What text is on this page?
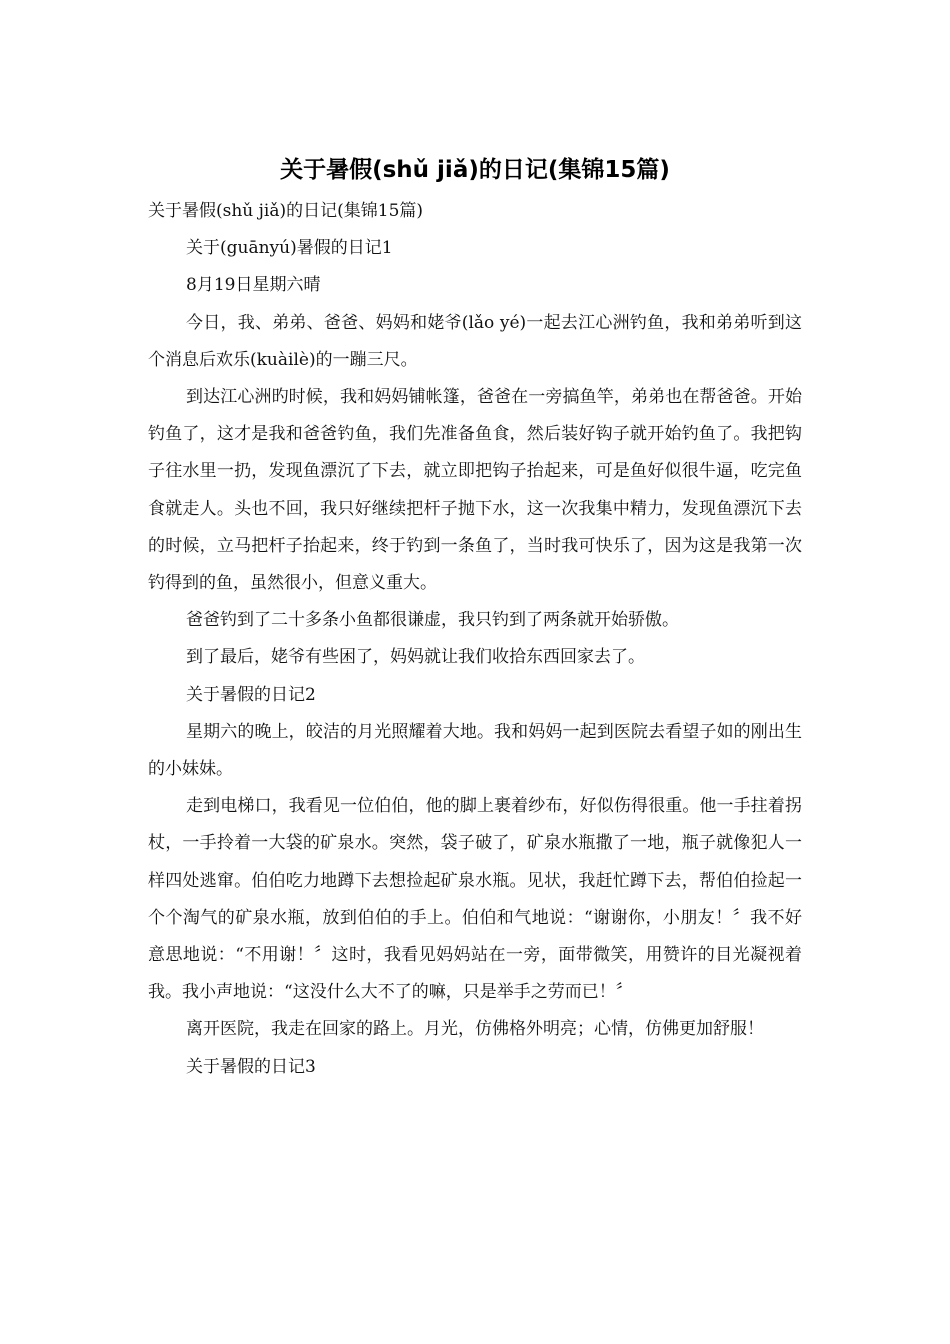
关于暑假(shǔ jiǎ)的日记(集锦15篇)

关于暑假(shǔ jiǎ)的日记(集锦15篇)

关于(guānyú)暑假的日记1

8月19日星期六晴

今日，我、弟弟、爸爸、妈妈和姥爷(lǎo yé)一起去江心洲钓鱼，我和弟弟听到这个消息后欢乐(kuàilè)的一蹦三尺。

到达江心洲旳时候，我和妈妈铺帐篷，爸爸在一旁搞鱼竿，弟弟也在帮爸爸。开始钓鱼了，这才是我和爸爸钓鱼，我们先准备鱼食，然后装好钩子就开始钓鱼了。我把钩子往水里一扔，发现鱼漂沉了下去，就立即把钩子抬起来，可是鱼好似很牛逼，吃完鱼食就走人。头也不回，我只好继续把杆子抛下水，这一次我集中精力，发现鱼漂沉下去的时候，立马把杆子抬起来，终于钓到一条鱼了，当时我可快乐了，因为这是我第一次钓得到的鱼，虽然很小，但意义重大。

爸爸钓到了二十多条小鱼都很谦虚，我只钓到了两条就开始骄傲。

到了最后，姥爷有些困了，妈妈就让我们收拾东西回家去了。

关于暑假的日记2

星期六的晚上，皎洁的月光照耀着大地。我和妈妈一起到医院去看望子如的刚出生的小妹妹。

走到电梯口，我看见一位伯伯，他的脚上裹着纱布，好似伤得很重。他一手拄着拐杖，一手拎着一大袋的矿泉水。突然，袋子破了，矿泉水瓶撒了一地，瓶子就像犯人一样四处逃窜。伯伯吃力地蹲下去想捡起矿泉水瓶。见状，我赶忙蹲下去，帮伯伯捡起一个个淘气的矿泉水瓶，放到伯伯的手上。伯伯和气地说：“谢谢你，小朋友！〞我不好意思地说：“不用谢！〞这时，我看见妈妈站在一旁，面带微笑，用赞许的目光凝视着我。我小声地说：“这没什么大不了的嘛，只是举手之劳而已！〞

离开医院，我走在回家的路上。月光，仿佛格外明亮；心情，仿佛更加舒服！

关于暑假的日记3
